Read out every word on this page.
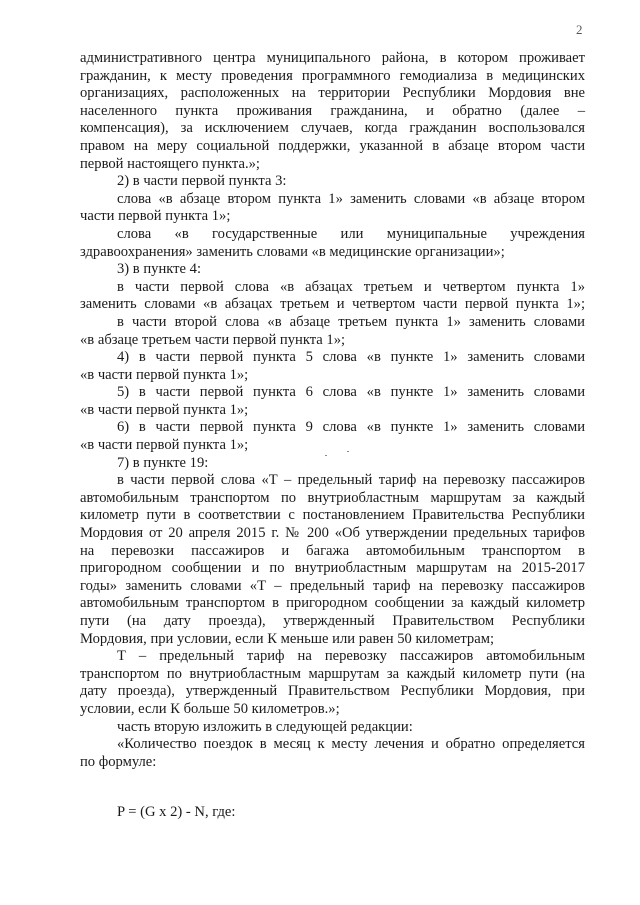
2
административного центра муниципального района, в котором проживает
гражданин, к месту проведения программного гемодиализа в медицинских
организациях, расположенных на территории Республики Мордовия вне
населенного пункта проживания гражданина, и обратно (далее –
компенсация), за исключением случаев, когда гражданин воспользовался
правом на меру социальной поддержки, указанной в абзаце втором части
первой настоящего пункта.»;
2) в части первой пункта 3:
слова «в абзаце втором пункта 1» заменить словами «в абзаце втором
части первой пункта 1»;
слова «в государственные или муниципальные учреждения
здравоохранения» заменить словами «в медицинские организации»;
3) в пункте 4:
в части первой слова «в абзацах третьем и четвертом пункта 1»
заменить словами «в абзацах третьем и четвертом части первой пункта 1»;
в части второй слова «в абзаце третьем пункта 1» заменить словами
«в абзаце третьем части первой пункта 1»;
4) в части первой пункта 5 слова «в пункте 1» заменить словами
«в части первой пункта 1»;
5) в части первой пункта 6 слова «в пункте 1» заменить словами
«в части первой пункта 1»;
6) в части первой пункта 9 слова «в пункте 1» заменить словами
«в части первой пункта 1»;
7) в пункте 19:
в части первой слова «Т – предельный тариф на перевозку пассажиров
автомобильным транспортом по внутриобластным маршрутам за каждый
километр пути в соответствии с постановлением Правительства Республики
Мордовия от 20 апреля 2015 г. № 200 «Об утверждении предельных тарифов
на перевозки пассажиров и багажа автомобильным транспортом в
пригородном сообщении и по внутриобластным маршрутам на 2015-2017
годы» заменить словами «Т – предельный тариф на перевозку пассажиров
автомобильным транспортом в пригородном сообщении за каждый километр
пути (на дату проезда), утвержденный Правительством Республики
Мордовия, при условии, если К меньше или равен 50 километрам;
Т – предельный тариф на перевозку пассажиров автомобильным
транспортом по внутриобластным маршрутам за каждый километр пути (на
дату проезда), утвержденный Правительством Республики Мордовия, при
условии, если К больше 50 километров.»;
часть вторую изложить в следующей редакции:
«Количество поездок в месяц к месту лечения и обратно определяется
по формуле:
P = (G x 2) - N, где:
